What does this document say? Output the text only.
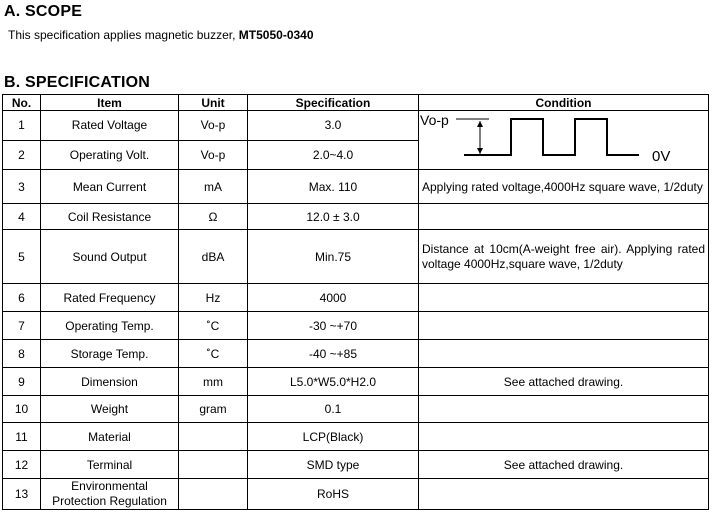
A. SCOPE
This specification applies magnetic buzzer, MT5050-0340
B. SPECIFICATION
No.	Item	Unit	Specification	Condition
1	Rated Voltage	Vo-p	3.0	Vo-p
0V

2	Operating Volt.	Vo-p	2.0~4.0	
3	Mean Current	mA	Max. 110	Applying rated voltage,4000Hz square wave, 1/2duty

4	Coil Resistance	Ω	12.0 ± 3.0	
5	Sound Output	dBA	Min.75	Distance at 10cm(A-weight free air). Applying rated voltage 4000Hz,square wave, 1/2duty

6	Rated Frequency	Hz	4000	
7	Operating Temp.	˚C	-30 ~+70	
8	Storage Temp.	˚C	-40 ~+85	
9	Dimension	mm	L5.0*W5.0*H2.0	See attached drawing.
10	Weight	gram	0.1	
11	Material		LCP(Black)	
12	Terminal		SMD type	See attached drawing.
13	Environmental Protection Regulation		RoHS	
